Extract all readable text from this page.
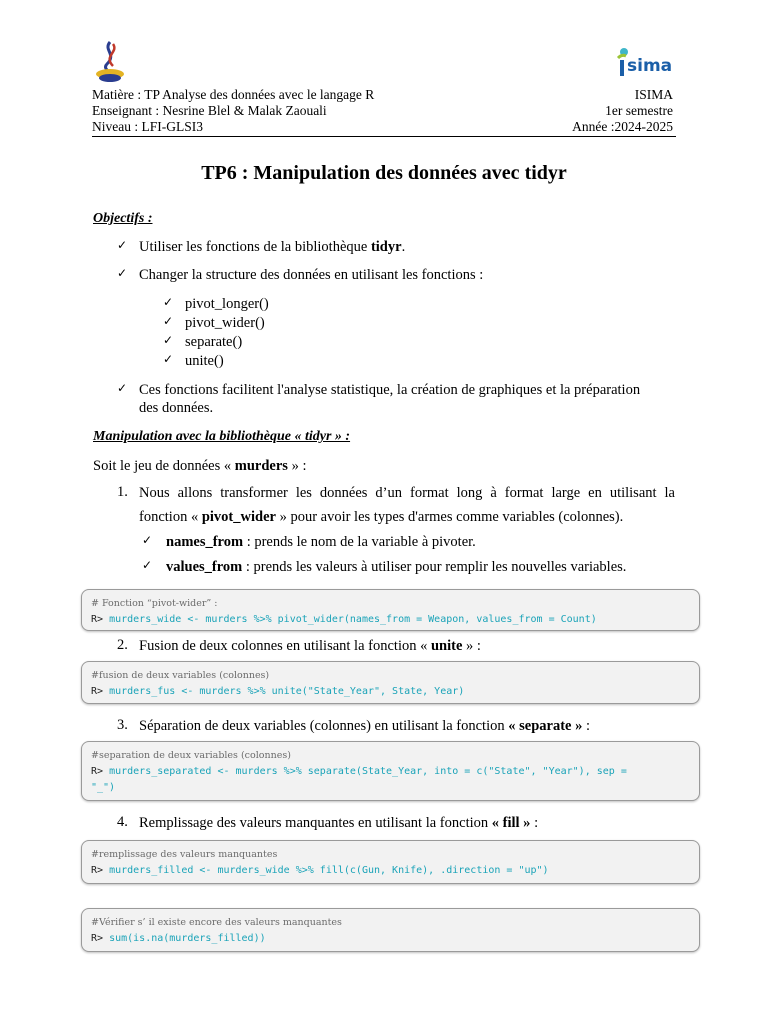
sima
Matière : TP Analyse des données avec le langage R
Enseignant : Nesrine Blel & Malak Zaouali
Niveau : LFI-GLSI3
ISIMA
1er semestre
Année :2024-2025
TP6 : Manipulation des données avec tidyr
Objectifs :
✓ Utiliser les fonctions de la bibliothèque tidyr.
✓ Changer la structure des données en utilisant les fonctions :
✓ pivot_longer()
✓ pivot_wider()
✓ separate()
✓ unite()
✓ Ces fonctions facilitent l'analyse statistique, la création de graphiques et la préparation
des données.
Manipulation avec la bibliothèque « tidyr » :
Soit le jeu de données « murders » :
1. Nous allons transformer les données d’un format long à format large en utilisant la
fonction « pivot_wider » pour avoir les types d'armes comme variables (colonnes).
✓ names_from : prends le nom de la variable à pivoter.
✓ values_from : prends les valeurs à utiliser pour remplir les nouvelles variables.
# Fonction “pivot-wider” :
R> murders_wide <- murders %>% pivot_wider(names_from = Weapon, values_from = Count)
2. Fusion de deux colonnes en utilisant la fonction « unite » :
#fusion de deux variables (colonnes)
R> murders_fus <- murders %>% unite("State_Year", State, Year)
3. Séparation de deux variables (colonnes) en utilisant la fonction « separate » :
#separation de deux variables (colonnes)
R> murders_separated <- murders %>% separate(State_Year, into = c("State", "Year"), sep =
"_")
4. Remplissage des valeurs manquantes en utilisant la fonction « fill » :
#remplissage des valeurs manquantes
R> murders_filled <- murders_wide %>% fill(c(Gun, Knife), .direction = "up")
#Vérifier s’ il existe encore des valeurs manquantes
R> sum(is.na(murders_filled))
